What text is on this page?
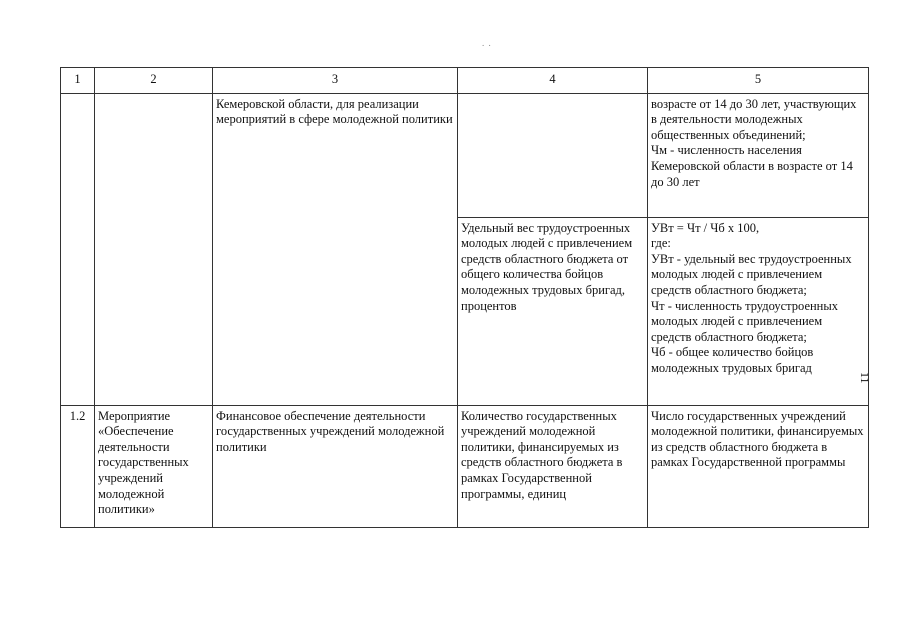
. .
11
1	2	3	4	5
		Кемеровской области, для реализации мероприятий в сфере молодежной политики		возрасте от 14 до 30 лет, участвующих в деятельности молодежных общественных объединений;
Чм - численность населения Кемеровской области в возрасте от 14 до 30 лет
			Удельный вес трудоустроенных молодых людей с привлечением средств областного бюджета от общего количества бойцов молодежных трудовых бригад, процентов	УВт = Чт / Чб x 100,
где:
УВт - удельный вес трудоустроенных молодых людей с привлечением средств областного бюджета;
Чт - численность трудоустроенных молодых людей с привлечением средств областного бюджета;
Чб - общее количество бойцов молодежных трудовых бригад
1.2	Мероприятие «Обеспечение деятельности государственных учреждений молодежной политики»	Финансовое обеспечение деятельности государственных учреждений молодежной политики	Количество государственных учреждений молодежной политики, финансируемых из средств областного бюджета в рамках Государственной программы, единиц	Число государственных учреждений молодежной политики, финансируемых из средств областного бюджета в рамках Государственной программы
